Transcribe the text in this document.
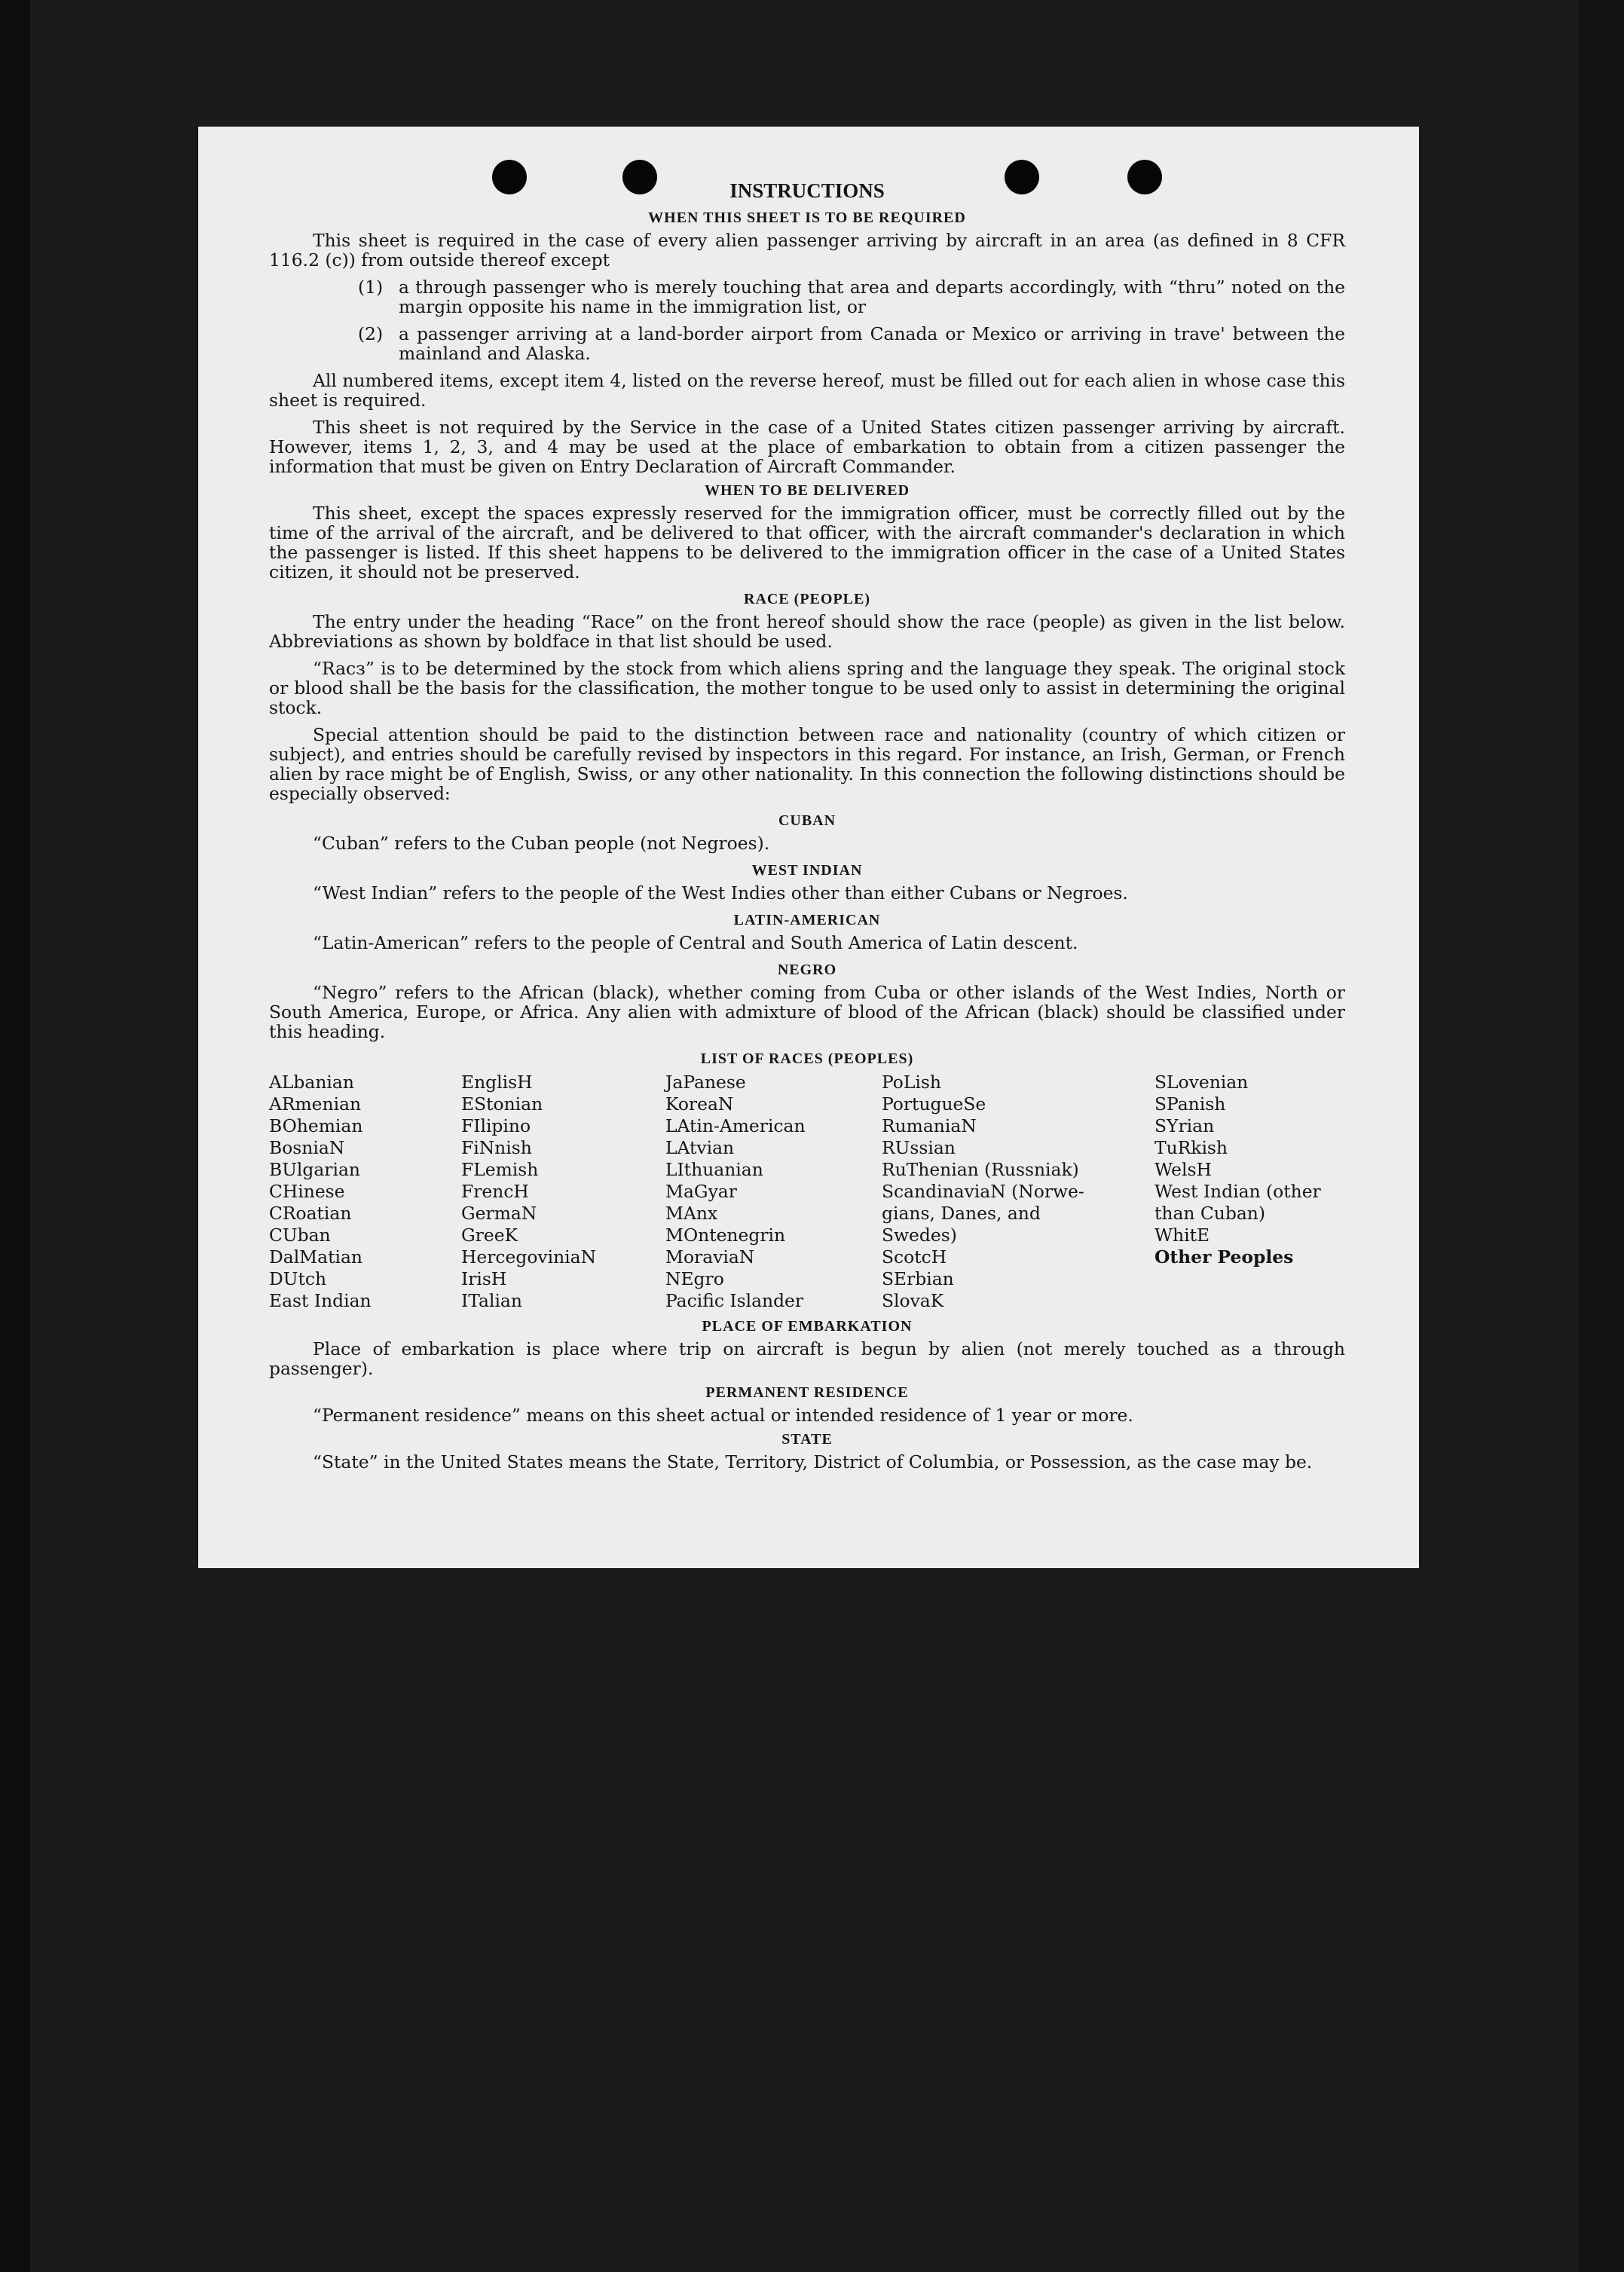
INSTRUCTIONS
WHEN THIS SHEET IS TO BE REQUIRED

This sheet is required in the case of every alien passenger arriving by aircraft in an area (as defined in 8 CFR 116.2 (c)) from outside thereof except

(1) a through passenger who is merely touching that area and departs accordingly, with “thru” noted on the margin opposite his name in the immigration list, or
(2) a passenger arriving at a land-border airport from Canada or Mexico or arriving in trave' between the mainland and Alaska.

All numbered items, except item 4, listed on the reverse hereof, must be filled out for each alien in whose case this sheet is required.

This sheet is not required by the Service in the case of a United States citizen passenger arriving by aircraft. However, items 1, 2, 3, and 4 may be used at the place of embarkation to obtain from a citizen passenger the information that must be given on Entry Declaration of Aircraft Commander.

WHEN TO BE DELIVERED

This sheet, except the spaces expressly reserved for the immigration officer, must be correctly filled out by the time of the arrival of the aircraft, and be delivered to that officer, with the aircraft commander's declaration in which the passenger is listed. If this sheet happens to be delivered to the immigration officer in the case of a United States citizen, it should not be preserved.

RACE (PEOPLE)

The entry under the heading “Race” on the front hereof should show the race (people) as given in the list below. Abbreviations as shown by boldface in that list should be used.

“Racз” is to be determined by the stock from which aliens spring and the language they speak. The original stock or blood shall be the basis for the classification, the mother tongue to be used only to assist in determining the original stock.

Special attention should be paid to the distinction between race and nationality (country of which citizen or subject), and entries should be carefully revised by inspectors in this regard. For instance, an Irish, German, or French alien by race might be of English, Swiss, or any other nationality. In this connection the following distinctions should be especially observed:

CUBAN

“Cuban” refers to the Cuban people (not Negroes).

WEST INDIAN

“West Indian” refers to the people of the West Indies other than either Cubans or Negroes.

LATIN-AMERICAN

“Latin-American” refers to the people of Central and South America of Latin descent.

NEGRO

“Negro” refers to the African (black), whether coming from Cuba or other islands of the West Indies, North or South America, Europe, or Africa. Any alien with admixture of blood of the African (black) should be classified under this heading.

LIST OF RACES (PEOPLES)
ALbanian
ARmenian
BOhemian
BosniaN
BUlgarian
CHinese
CRoatian
CUban
DalMatian
DUtch
East Indian
EnglisH
EStonian
FIlipino
FiNnish
FLemish
FrencH
GermaN
GreeK
HercegoviniaN
IrisH
ITalian
JaPanese
KoreaN
LAtin-American
LAtvian
LIthuanian
MaGyar
MAnx
MOntenegrin
MoraviaN
NEgro
Pacific Islander
PoLish
PortugueSe
RumaniaN
RUssian
RuThenian (Russniak)
ScandinaviaN (Norwe-
gians, Danes, and
Swedes)
ScotcH
SErbian
SlovaK
SLovenian
SPanish
SYrian
TuRkish
WelsH
West Indian (other
than Cuban)
WhitE
Other Peoples
PLACE OF EMBARKATION

Place of embarkation is place where trip on aircraft is begun by alien (not merely touched as a through passenger).

PERMANENT RESIDENCE

“Permanent residence” means on this sheet actual or intended residence of 1 year or more.

STATE

“State” in the United States means the State, Territory, District of Columbia, or Possession, as the case may be.
